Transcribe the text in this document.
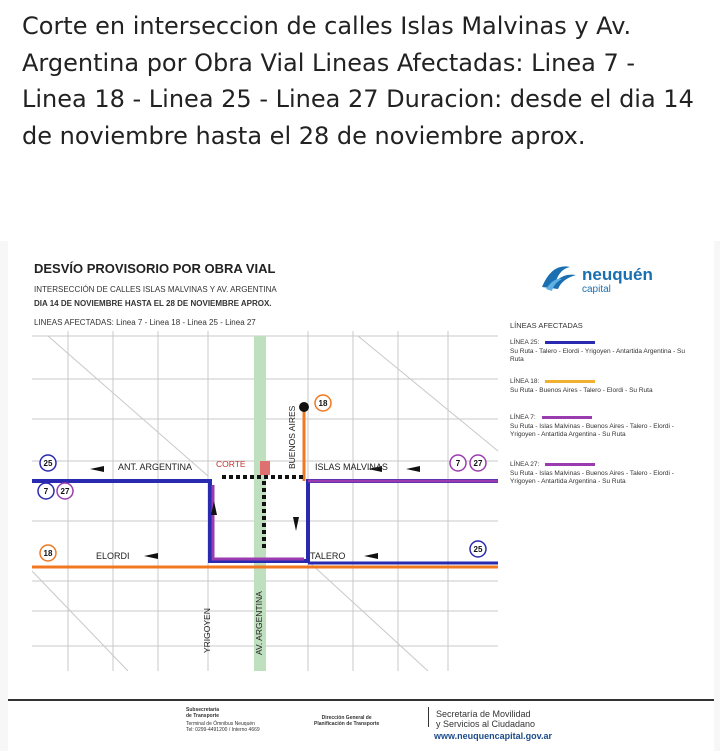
Corte en interseccion de calles Islas Malvinas y Av. Argentina por Obra Vial Lineas Afectadas: Linea 7 - Linea 18 - Linea 25 - Linea 27 Duracion: desde el dia 14 de noviembre hasta el 28 de noviembre aprox.
DESVÍO PROVISORIO POR OBRA VIAL
INTERSECCIÓN DE CALLES ISLAS MALVINAS Y AV. ARGENTINA
DIA 14 DE NOVIEMBRE HASTA EL 28 DE NOVIEMBRE APROX.
LINEAS AFECTADAS: Linea 7 - Linea 18 - Linea 25 - Linea 27
neuquén
capital
LÍNEAS AFECTADAS
LÍNEA 25:
Su Ruta - Talero - Elordi - Yrigoyen - Antartida Argentina - Su Ruta
LÍNEA 18:
Su Ruta - Buenos Aires - Talero - Elordi - Su Ruta
LÍNEA 7:
Su Ruta - Islas Malvinas - Buenos Aires - Talero - Elordi - Yrigoyen - Antartida Argentina - Su Ruta
LÍNEA 27:
Su Ruta - Islas Malvinas - Buenos Aires - Talero - Elordi - Yrigoyen - Antartida Argentina - Su Ruta
ANT. ARGENTINA	CORTE	ISLAS MALVINAS
ELORDI	TALERO
BUENOS AIRES
YRIGOYEN	AV. ARGENTINA
25
18
7 27
7 27
18	25
Subsecretaría
de Transporte
Terminal de Ómnibus Neuquén
Tel: 0299-4491200 / Interno 4669
Dirección General de
Planificación de Transporte
Secretaría de Movilidad
y Servicios al Ciudadano
www.neuquencapital.gov.ar
